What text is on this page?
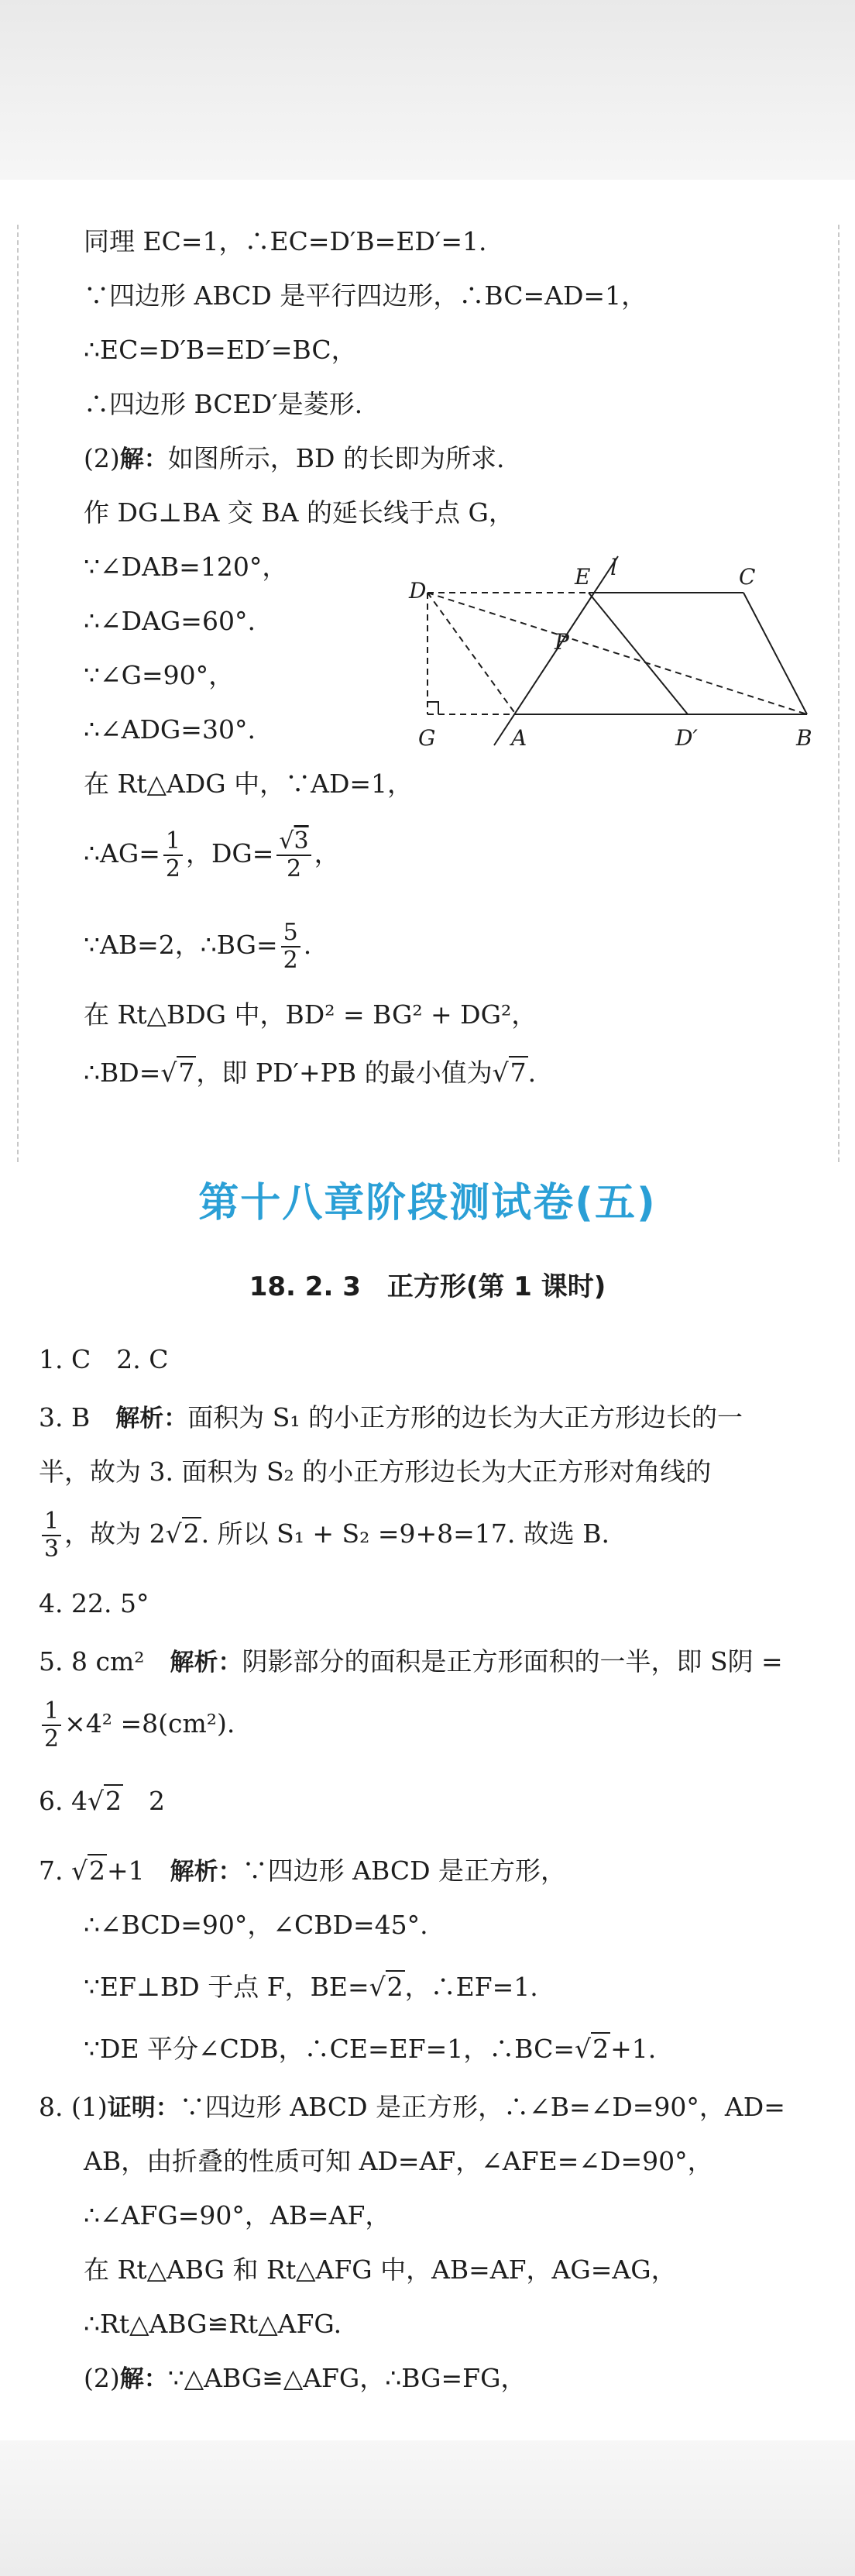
同理 EC=1，∴EC=D′B=ED′=1.
∵四边形 ABCD 是平行四边形，∴BC=AD=1，
∴EC=D′B=ED′=BC，
∴四边形 BCED′是菱形.
(2)解：如图所示，BD 的长即为所求.
作 DG⊥BA 交 BA 的延长线于点 G，
∵∠DAB=120°，
∴∠DAG=60°.
∵∠G=90°，
∴∠ADG=30°.
在 Rt△ADG 中，∵AD=1，
∴AG= $\frac{1}{2}$ ，$DG= \frac{√3}{2}$ ，
∵AB=2，∴BG= $\frac{5}{2}$ .
在 Rt△BDG 中，BD² = BG² + DG²，
∴BD=√7，即 PD′+PB 的最小值为√7.
D
E l	C
P
G	A	D′	B
第十八章阶段测试卷(五)
18. 2. 3　正方形(第 1 课时)
1. C　2. C
3. B　解析：面积为 S₁ 的小正方形的边长为大正方形边长的一
半，故为 3. 面积为 S₂ 的小正方形边长为大正方形对角线的
$\frac{1}{3}$ ，故为 2√2. 所以 S₁ + S₂ =9+8=17. 故选 B.
4. 22. 5°
5. 8 cm²　解析：阴影部分的面积是正方形面积的一半，即 S阴 =
$\frac{1}{2} \times 4^2 =8(cm^2)$.
6. 4√2　2
7. √2+1　解析：∵四边形 ABCD 是正方形，
∴∠BCD=90°，∠CBD=45°.
∵EF⊥BD 于点 F，BE=√2，∴EF=1.
∵DE 平分∠CDB，∴CE=EF=1，∴BC=√2+1.
8. (1)证明：∵四边形 ABCD 是正方形，∴∠B=∠D=90°，AD=
AB，由折叠的性质可知 AD=AF，∠AFE=∠D=90°，
∴∠AFG=90°，AB=AF，
在 Rt△ABG 和 Rt△AFG 中，AB=AF，AG=AG，
∴Rt△ABG≌Rt△AFG.
(2)解：∵△ABG≌△AFG，∴BG=FG，
